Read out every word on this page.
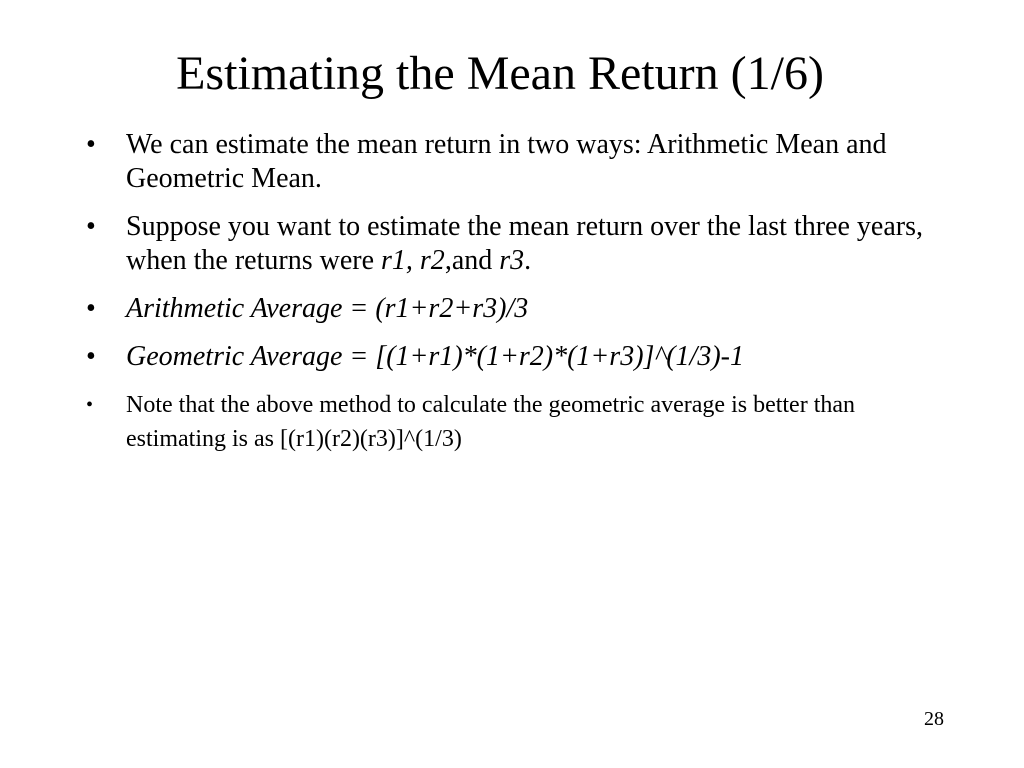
Estimating the Mean Return (1/6)
• We can estimate the mean return in two ways: Arithmetic Mean and Geometric Mean.
• Suppose you want to estimate the mean return over the last three years, when the returns were r1, r2,and r3.
• Arithmetic Average = (r1+r2+r3)/3
• Geometric Average = [(1+r1)*(1+r2)*(1+r3)]^(1/3)-1
• Note that the above method to calculate the geometric average is better than estimating is as [(r1)(r2)(r3)]^(1/3)
28
